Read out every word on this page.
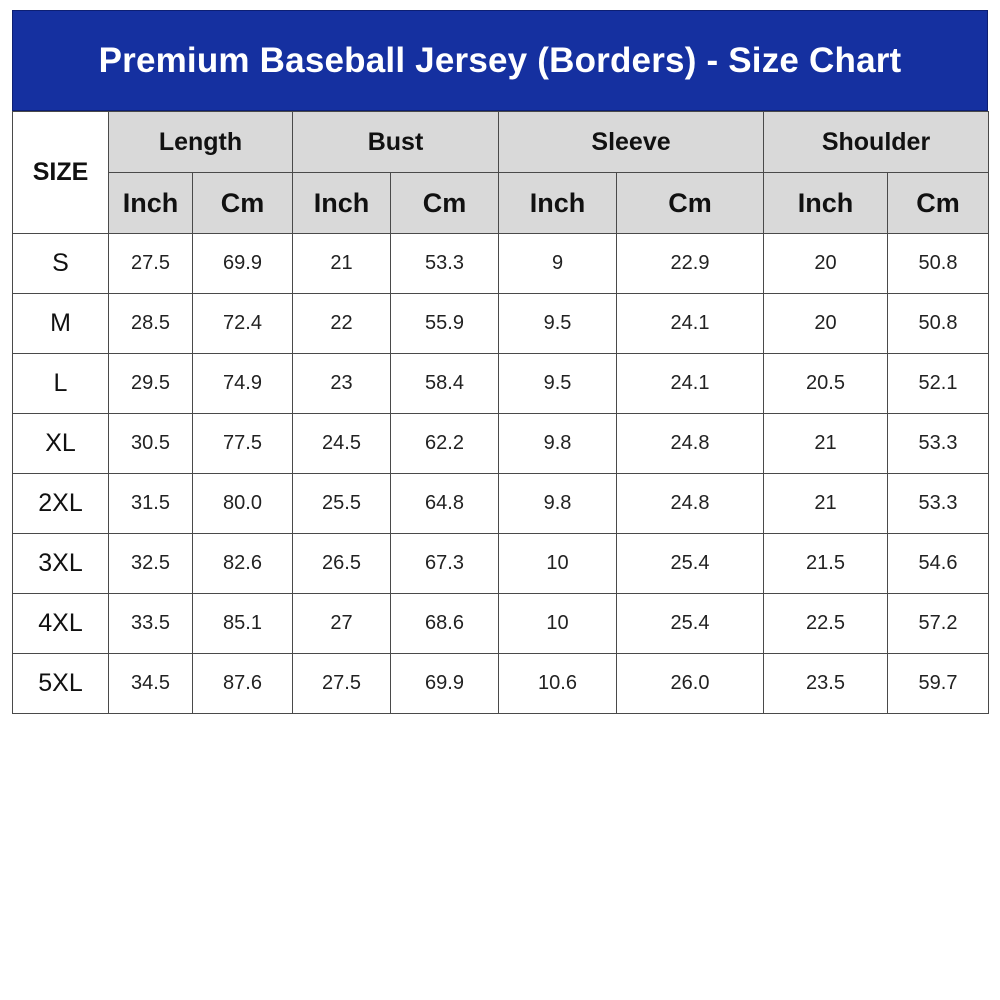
Premium Baseball Jersey (Borders) - Size Chart
SIZE	Length		Bust		Sleeve		Shoulder	
	Inch	Cm	Inch	Cm	Inch	Cm	Inch	Cm
S	27.5	69.9	21	53.3	9	22.9	20	50.8
M	28.5	72.4	22	55.9	9.5	24.1	20	50.8
L	29.5	74.9	23	58.4	9.5	24.1	20.5	52.1
XL	30.5	77.5	24.5	62.2	9.8	24.8	21	53.3
2XL	31.5	80.0	25.5	64.8	9.8	24.8	21	53.3
3XL	32.5	82.6	26.5	67.3	10	25.4	21.5	54.6
4XL	33.5	85.1	27	68.6	10	25.4	22.5	57.2
5XL	34.5	87.6	27.5	69.9	10.6	26.0	23.5	59.7
